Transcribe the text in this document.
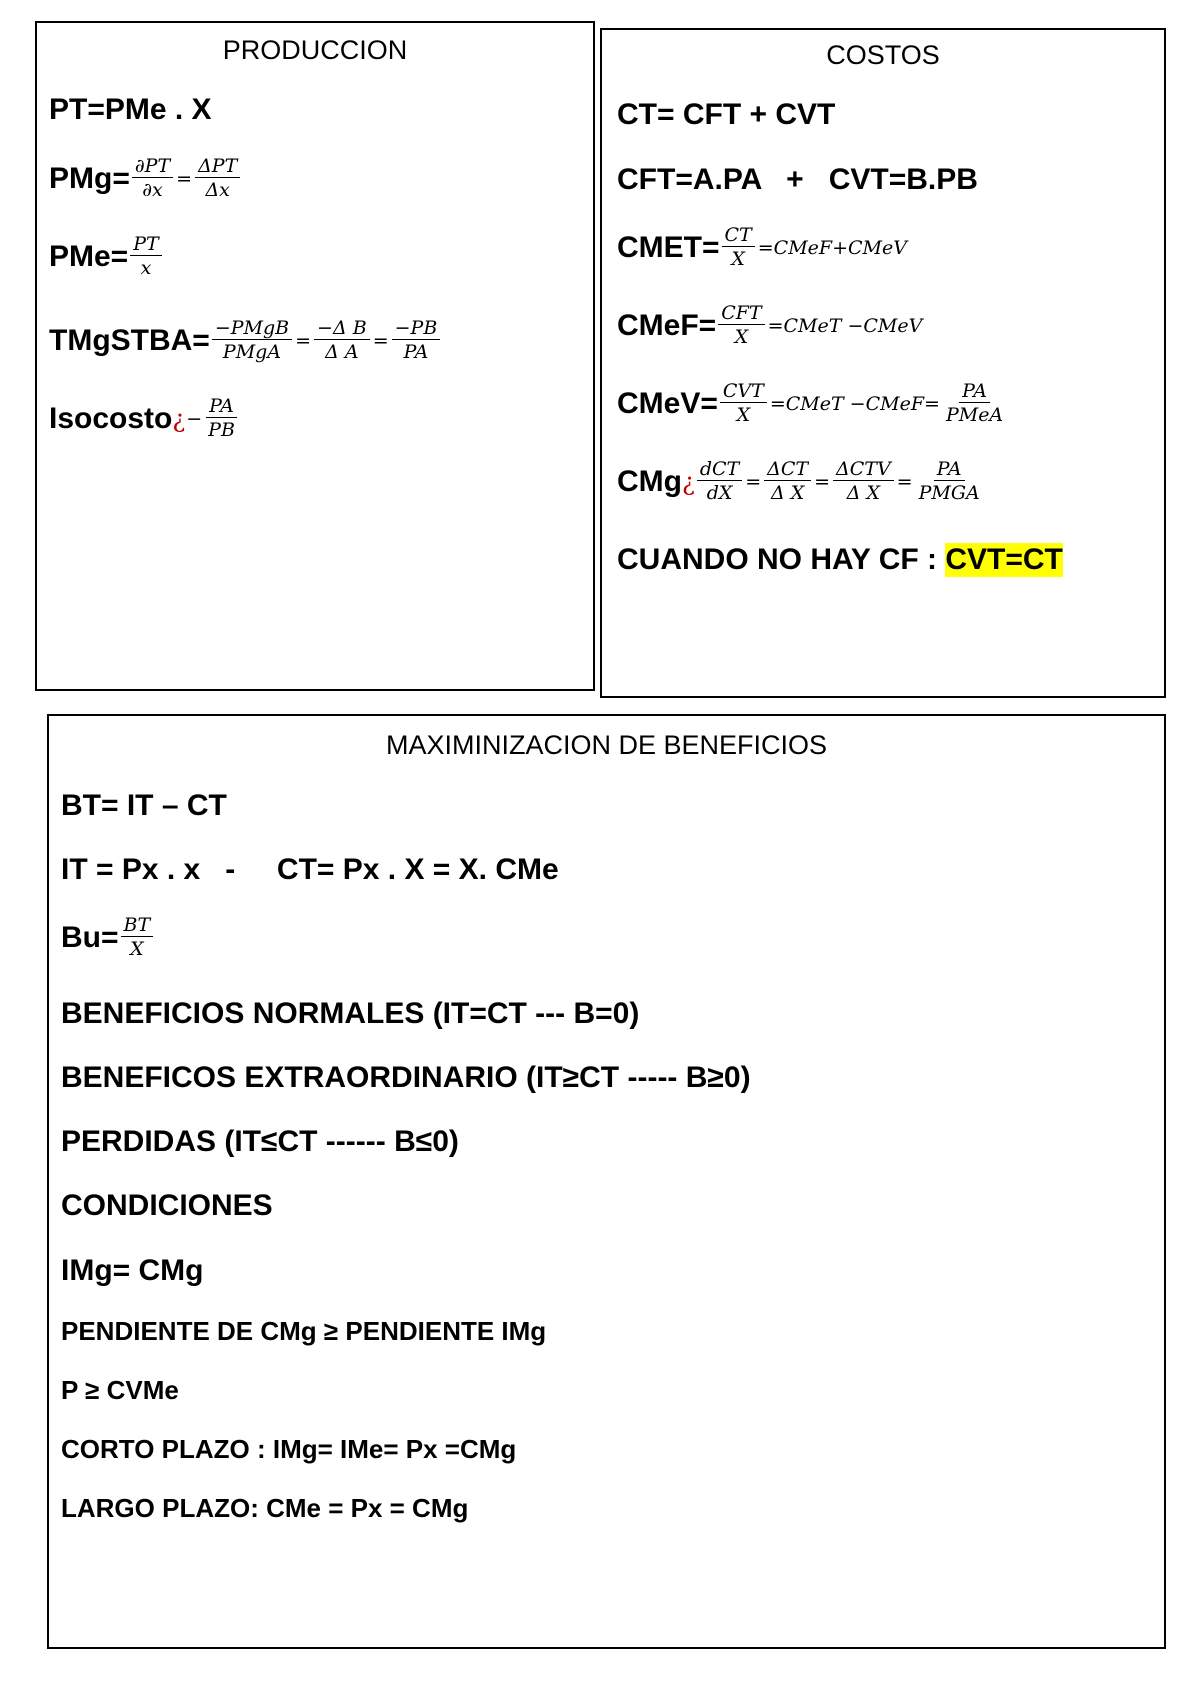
PRODUCCION
PT=PMe . X
$PMg= \frac{\partial PT}{\partial x} = \frac{\text{ΔPT}}{\Delta x}$
$PMe= \frac{PT}{x}$
TMgSTBA= $\frac{\text{−PMgB}}{\text{PMgA}} = \frac{\text{−Δ B}}{\text{Δ A}} = \frac{-PB}{PA}$
Isocosto ¿ − $\frac{PA}{PB}$
COSTOS
CT= CFT + CVT
CFT=A.PA   +   CVT=B.PB
CMET= $\frac{CT}{X}$ =CMeF+CMeV
CMeF= $\frac{\text{CFT}}{X}$ =CMeT −CMeV
CMeV= $\frac{\text{CVT}}{X}$ =CMeT −CMeF= $\frac{PA}{\text{PMeA}}$
CMg ¿ $\frac{\text{dCT}}{dX} = \frac{\text{ΔCT}}{\text{Δ X}} = \frac{\text{ΔCTV}}{\text{Δ X}} = \frac{PA}{\text{PMGA}}$
CUANDO NO HAY CF : CVT=CT
MAXIMINIZACION DE BENEFICIOS
BT= IT – CT
IT = Px . x   -     CT= Px . X = X. CMe
$Bu= \frac{BT}{X}$
BENEFICIOS NORMALES (IT=CT --- B=0)
BENEFICOS EXTRAORDINARIO (IT≥CT ----- B≥0)
PERDIDAS (IT≤CT ------ B≤0)
CONDICIONES
IMg= CMg
PENDIENTE DE CMg ≥ PENDIENTE IMg
P ≥ CVMe
CORTO PLAZO : IMg= IMe= Px =CMg
LARGO PLAZO: CMe = Px = CMg
